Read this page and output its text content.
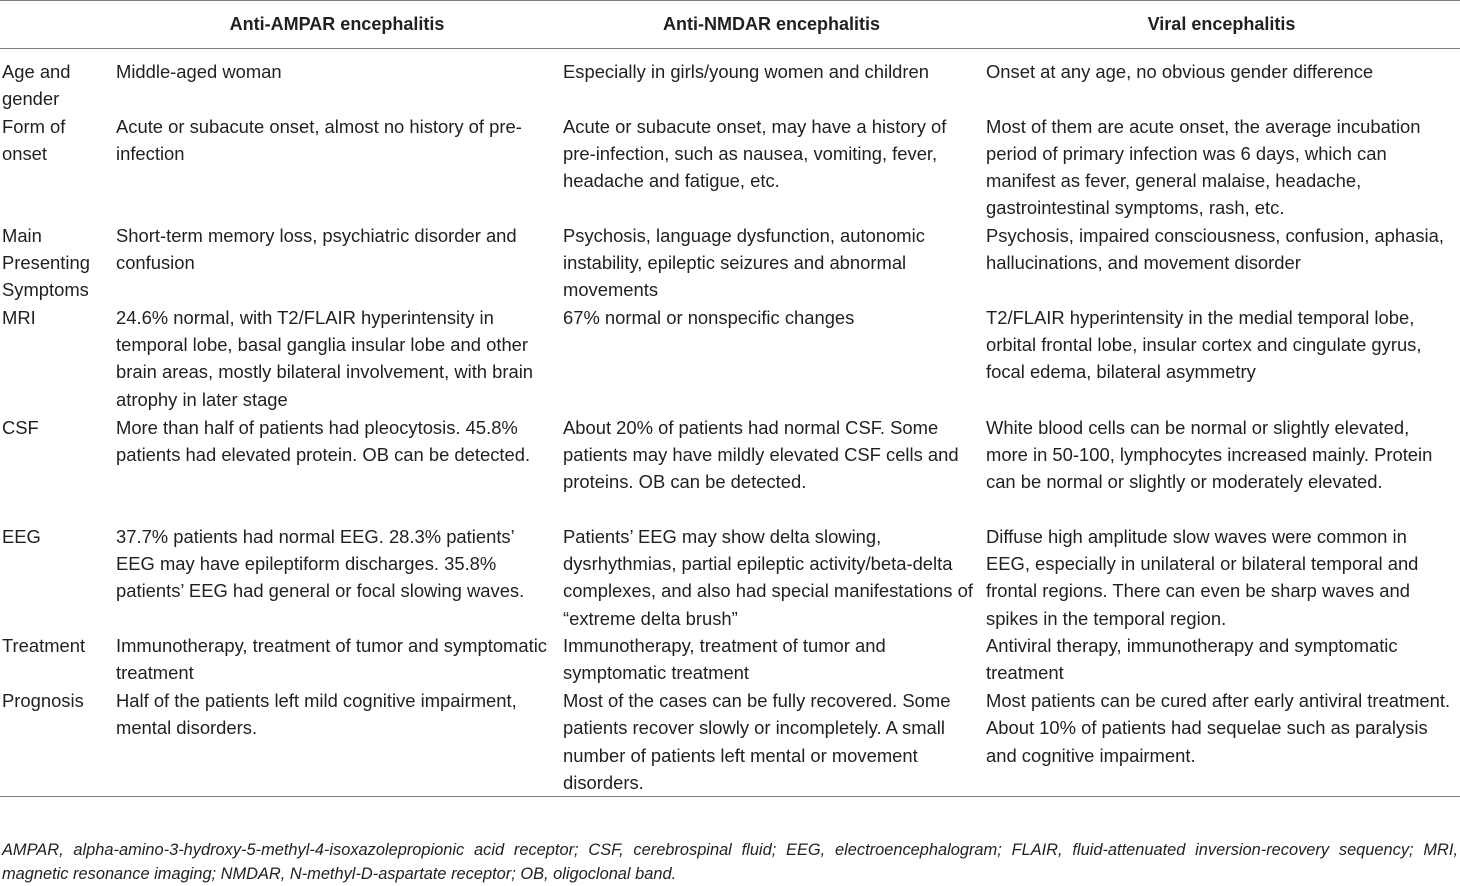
	Anti-AMPAR encephalitis	Anti-NMDAR encephalitis	Viral encephalitis
Age and gender	Middle-aged woman	Especially in girls/young women and children	Onset at any age, no obvious gender difference
Form of onset	Acute or subacute onset, almost no history of pre-infection	Acute or subacute onset, may have a history of pre-infection, such as nausea, vomiting, fever, headache and fatigue, etc.	Most of them are acute onset, the average incubation period of primary infection was 6 days, which can manifest as fever, general malaise, headache, gastrointestinal symptoms, rash, etc.
Main Presenting Symptoms	Short-term memory loss, psychiatric disorder and confusion	Psychosis, language dysfunction, autonomic instability, epileptic seizures and abnormal movements	Psychosis, impaired consciousness, confusion, aphasia, hallucinations, and movement disorder
MRI	24.6% normal, with T2/FLAIR hyperintensity in temporal lobe, basal ganglia insular lobe and other brain areas, mostly bilateral involvement, with brain atrophy in later stage	67% normal or nonspecific changes	T2/FLAIR hyperintensity in the medial temporal lobe, orbital frontal lobe, insular cortex and cingulate gyrus, focal edema, bilateral asymmetry
CSF	More than half of patients had pleocytosis. 45.8% patients had elevated protein. OB can be detected.	About 20% of patients had normal CSF. Some patients may have mildly elevated CSF cells and proteins. OB can be detected.	White blood cells can be normal or slightly elevated, more in 50-100, lymphocytes increased mainly. Protein can be normal or slightly or moderately elevated.
EEG	37.7% patients had normal EEG. 28.3% patients’ EEG may have epileptiform discharges. 35.8% patients’ EEG had general or focal slowing waves.	Patients’ EEG may show delta slowing, dysrhythmias, partial epileptic activity/beta-delta complexes, and also had special manifestations of “extreme delta brush”	Diffuse high amplitude slow waves were common in EEG, especially in unilateral or bilateral temporal and frontal regions. There can even be sharp waves and spikes in the temporal region.
Treatment	Immunotherapy, treatment of tumor and symptomatic treatment	Immunotherapy, treatment of tumor and symptomatic treatment	Antiviral therapy, immunotherapy and symptomatic treatment
Prognosis	Half of the patients left mild cognitive impairment, mental disorders.	Most of the cases can be fully recovered. Some patients recover slowly or incompletely. A small number of patients left mental or movement disorders.	Most patients can be cured after early antiviral treatment. About 10% of patients had sequelae such as paralysis and cognitive impairment.

AMPAR, alpha-amino-3-hydroxy-5-methyl-4-isoxazolepropionic acid receptor; CSF, cerebrospinal fluid; EEG, electroencephalogram; FLAIR, fluid-attenuated inversion-recovery sequency; MRI, magnetic resonance imaging; NMDAR, N-methyl-D-aspartate receptor; OB, oligoclonal band.
